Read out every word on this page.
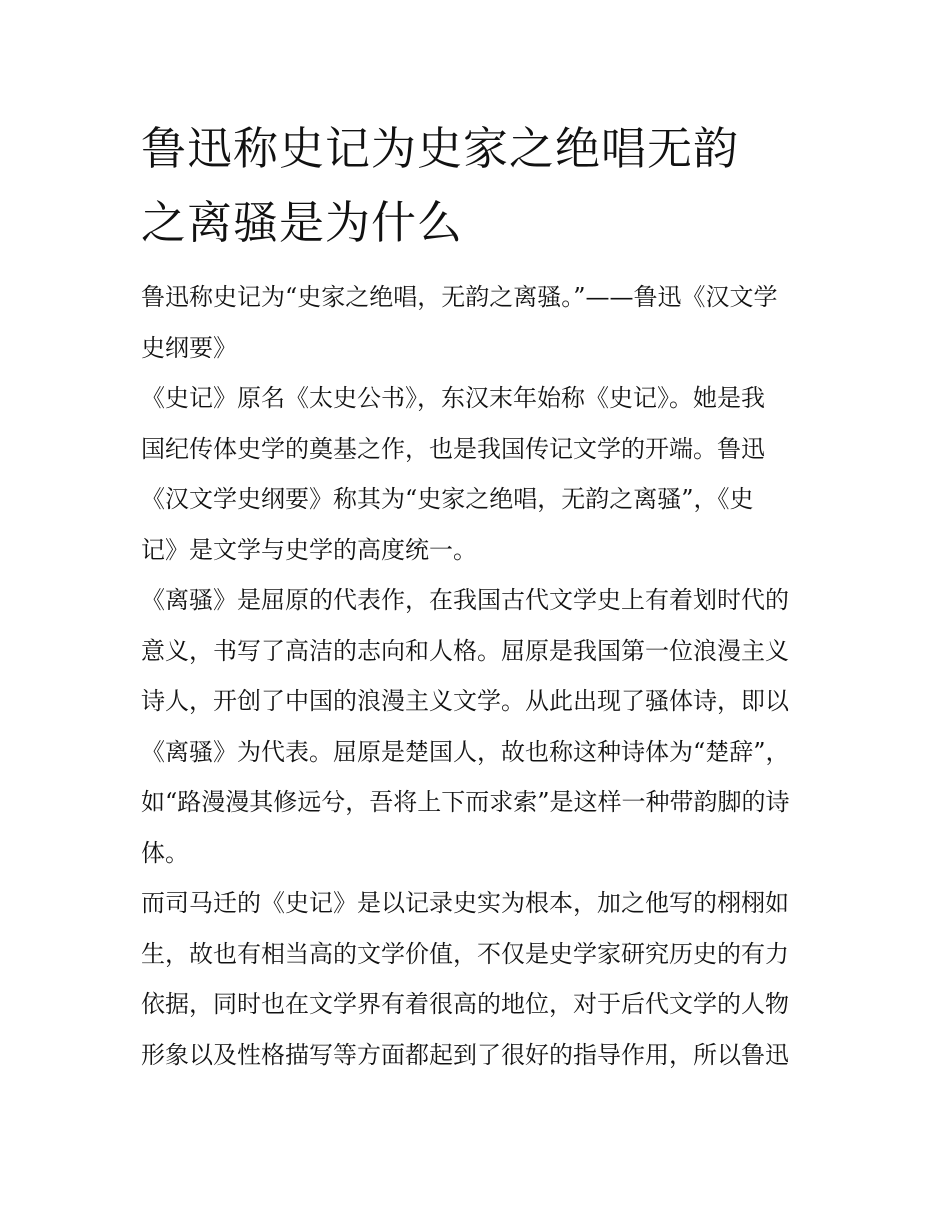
鲁迅称史记为史家之绝唱无韵
之离骚是为什么
鲁迅称史记为“史家之绝唱，无韵之离骚。”——鲁迅《汉文学
史纲要》
《史记》原名《太史公书》，东汉末年始称《史记》。她是我
国纪传体史学的奠基之作，也是我国传记文学的开端。鲁迅
《汉文学史纲要》称其为“史家之绝唱，无韵之离骚”，《史
记》是文学与史学的高度统一。
《离骚》是屈原的代表作，在我国古代文学史上有着划时代的
意义，书写了高洁的志向和人格。屈原是我国第一位浪漫主义
诗人，开创了中国的浪漫主义文学。从此出现了骚体诗，即以
《离骚》为代表。屈原是楚国人，故也称这种诗体为“楚辞”，
如“路漫漫其修远兮，吾将上下而求索”是这样一种带韵脚的诗
体。
而司马迁的《史记》是以记录史实为根本，加之他写的栩栩如
生，故也有相当高的文学价值，不仅是史学家研究历史的有力
依据，同时也在文学界有着很高的地位，对于后代文学的人物
形象以及性格描写等方面都起到了很好的指导作用，所以鲁迅
